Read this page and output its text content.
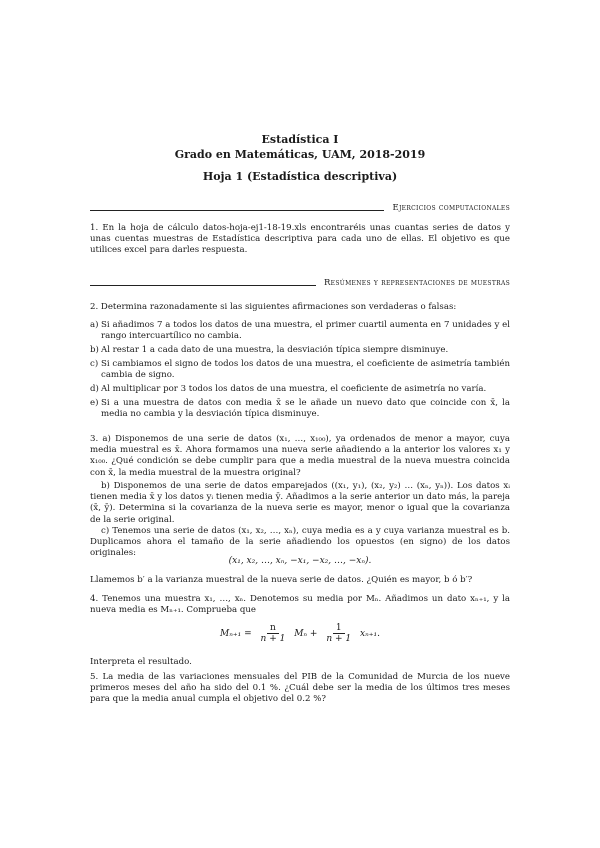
Estadística I
Grado en Matemáticas, UAM, 2018-2019
Hoja 1 (Estadística descriptiva)
Ejercicios computacionales
1. En la hoja de cálculo datos-hoja-ej1-18-19.xls encontraréis unas cuantas series de datos y unas cuentas muestras de Estadística descriptiva para cada uno de ellas. El objetivo es que utilices excel para darles respuesta.
Resúmenes y representaciones de muestras
2. Determina razonadamente si las siguientes afirmaciones son verdaderas o falsas:
a) Si añadimos 7 a todos los datos de una muestra, el primer cuartil aumenta en 7 unidades y el rango intercuartílico no cambia.
b) Al restar 1 a cada dato de una muestra, la desviación típica siempre disminuye.
c) Si cambiamos el signo de todos los datos de una muestra, el coeficiente de asimetría también cambia de signo.
d) Al multiplicar por 3 todos los datos de una muestra, el coeficiente de asimetría no varía.
e) Si a una muestra de datos con media x̄ se le añade un nuevo dato que coincide con x̄, la media no cambia y la desviación típica disminuye.
3. a) Disponemos de una serie de datos (x₁, …, x₁₀₀), ya ordenados de menor a mayor, cuya media muestral es x̄. Ahora formamos una nueva serie añadiendo a la anterior los valores x₁ y x₁₀₀. ¿Qué condición se debe cumplir para que a media muestral de la nueva muestra coincida con x̄, la media muestral de la muestra original?
b) Disponemos de una serie de datos emparejados ((x₁, y₁), (x₂, y₂) … (xₙ, yₙ)). Los datos xᵢ tienen media x̄ y los datos yᵢ tienen media ȳ. Añadimos a la serie anterior un dato más, la pareja (x̄, ȳ). Determina si la covarianza de la nueva serie es mayor, menor o igual que la covarianza de la serie original.
c) Tenemos una serie de datos (x₁, x₂, …, xₙ), cuya media es a y cuya varianza muestral es b. Duplicamos ahora el tamaño de la serie añadiendo los opuestos (en signo) de los datos originales:
(x₁, x₂, …, xₙ, −x₁, −x₂, …, −xₙ).
Llamemos b′ a la varianza muestral de la nueva serie de datos. ¿Quién es mayor, b ó b′?
4. Tenemos una muestra x₁, …, xₙ. Denotemos su media por Mₙ. Añadimos un dato xₙ₊₁, y la nueva media es Mₙ₊₁. Comprueba que
$M_{n+1} = \frac{n}{n + 1}$ $M_n + \frac{1}{n + 1} x_{n+1}$.
Interpreta el resultado.
5. La media de las variaciones mensuales del PIB de la Comunidad de Murcia de los nueve primeros meses del año ha sido del 0.1 %. ¿Cuál debe ser la media de los últimos tres meses para que la media anual cumpla el objetivo del 0.2 %?
